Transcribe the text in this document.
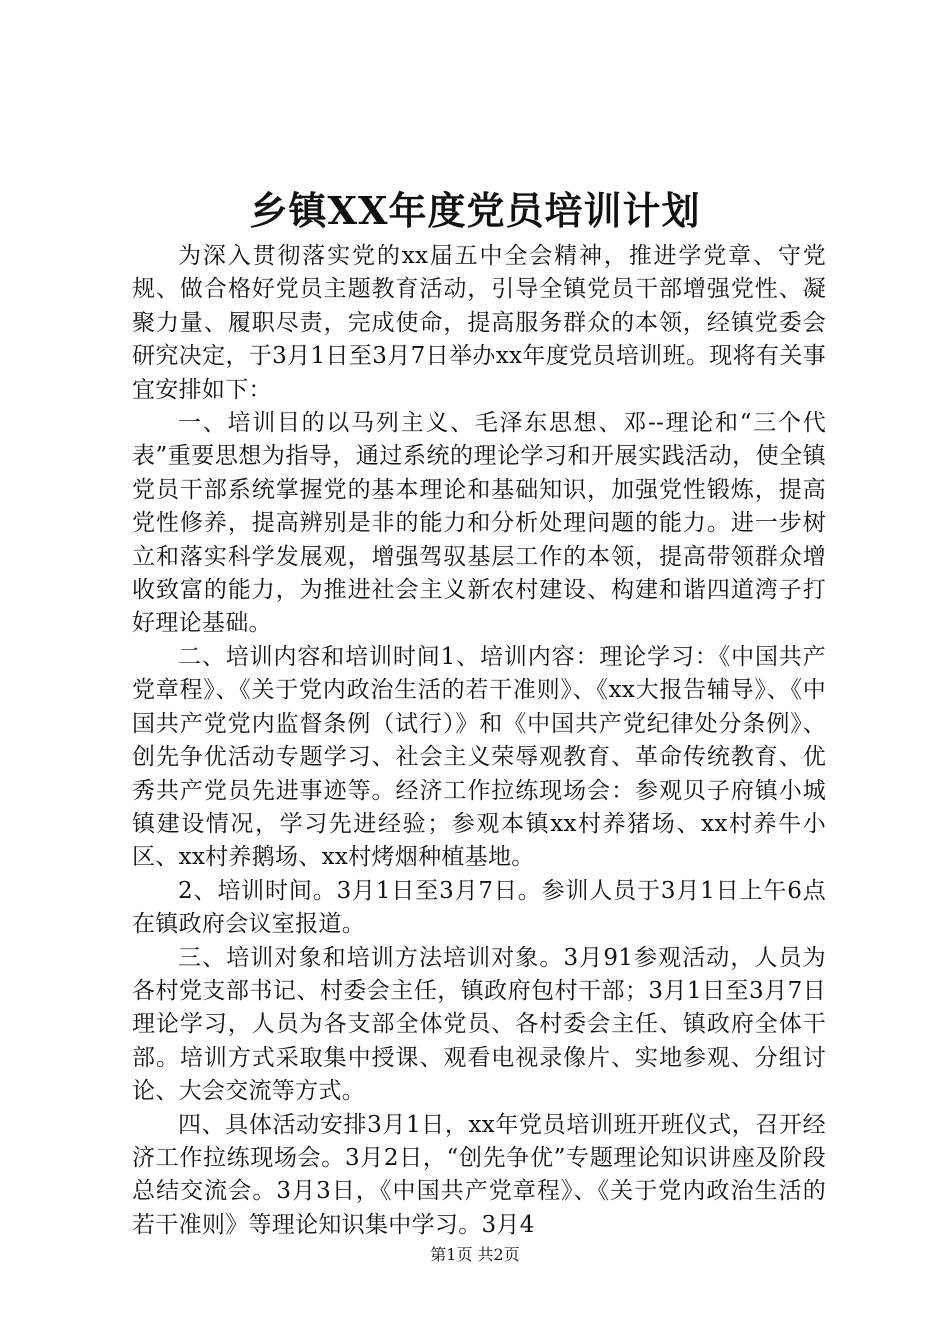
乡镇XX年度党员培训计划

为深入贯彻落实党的xx届五中全会精神，推进学党章、守党规、做合格好党员主题教育活动，引导全镇党员干部增强党性、凝聚力量、履职尽责，完成使命，提高服务群众的本领，经镇党委会研究决定，于3月1日至3月7日举办xx年度党员培训班。现将有关事宜安排如下：

一、培训目的以马列主义、毛泽东思想、邓--理论和“三个代表”重要思想为指导，通过系统的理论学习和开展实践活动，使全镇党员干部系统掌握党的基本理论和基础知识，加强党性锻炼，提高党性修养，提高辨别是非的能力和分析处理问题的能力。进一步树立和落实科学发展观，增强驾驭基层工作的本领，提高带领群众增收致富的能力，为推进社会主义新农村建设、构建和谐四道湾子打好理论基础。

二、培训内容和培训时间1、培训内容：理论学习：《中国共产党章程》、《关于党内政治生活的若干准则》、《xx大报告辅导》、《中国共产党党内监督条例（试行）》和《中国共产党纪律处分条例》、创先争优活动专题学习、社会主义荣辱观教育、革命传统教育、优秀共产党员先进事迹等。经济工作拉练现场会：参观贝子府镇小城镇建设情况，学习先进经验；参观本镇xx村养猪场、xx村养牛小区、xx村养鹅场、xx村烤烟种植基地。

2、培训时间。3月1日至3月7日。参训人员于3月1日上午6点在镇政府会议室报道。

三、培训对象和培训方法培训对象。3月91参观活动，人员为各村党支部书记、村委会主任，镇政府包村干部；3月1日至3月7日理论学习，人员为各支部全体党员、各村委会主任、镇政府全体干部。培训方式采取集中授课、观看电视录像片、实地参观、分组讨论、大会交流等方式。

四、具体活动安排3月1日，xx年党员培训班开班仪式，召开经济工作拉练现场会。3月2日，“创先争优”专题理论知识讲座及阶段总结交流会。3月3日，《中国共产党章程》、《关于党内政治生活的若干准则》等理论知识集中学习。3月4

第1页 共2页
